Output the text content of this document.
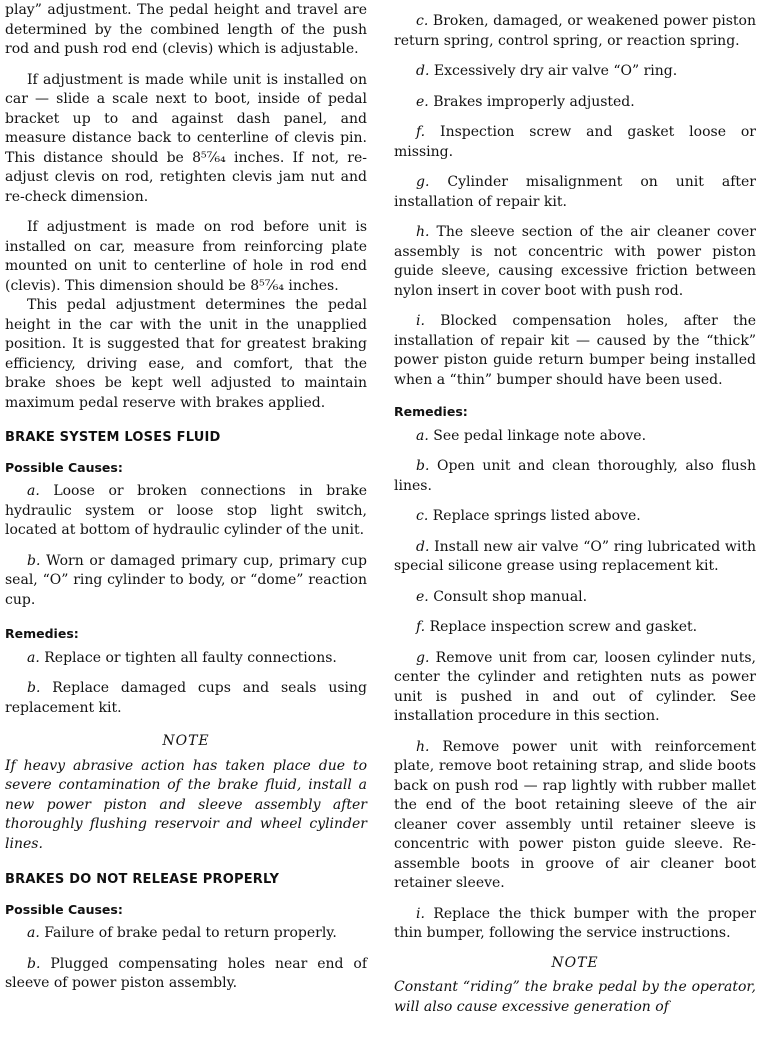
play” adjustment. The pedal height and travel are determined by the combined length of the push rod and push rod end (clevis) which is adjustable.

If adjustment is made while unit is installed on car — slide a scale next to boot, inside of pedal bracket up to and against dash panel, and measure distance back to centerline of clevis pin. This distance should be 8⁵⁷⁄₆₄ inches. If not, re-adjust clevis on rod, retighten clevis jam nut and re-check dimension.

If adjustment is made on rod before unit is installed on car, measure from reinforcing plate mounted on unit to centerline of hole in rod end (clevis). This dimension should be 8⁵⁷⁄₆₄ inches.

This pedal adjustment determines the pedal height in the car with the unit in the unapplied position. It is suggested that for greatest braking efficiency, driving ease, and comfort, that the brake shoes be kept well adjusted to maintain maximum pedal reserve with brakes applied.

BRAKE SYSTEM LOSES FLUID

Possible Causes:

a. Loose or broken connections in brake hydraulic system or loose stop light switch, located at bottom of hydraulic cylinder of the unit.

b. Worn or damaged primary cup, primary cup seal, “O” ring cylinder to body, or “dome” reaction cup.

Remedies:

a. Replace or tighten all faulty connections.

b. Replace damaged cups and seals using replacement kit.

NOTE

If heavy abrasive action has taken place due to severe contamination of the brake fluid, install a new power piston and sleeve assembly after thoroughly flushing reservoir and wheel cylinder lines.

BRAKES DO NOT RELEASE PROPERLY

Possible Causes:

a. Failure of brake pedal to return properly.

b. Plugged compensating holes near end of sleeve of power piston assembly.

c. Broken, damaged, or weakened power piston return spring, control spring, or reaction spring.

d. Excessively dry air valve “O” ring.

e. Brakes improperly adjusted.

f. Inspection screw and gasket loose or missing.

g. Cylinder misalignment on unit after installation of repair kit.

h. The sleeve section of the air cleaner cover assembly is not concentric with power piston guide sleeve, causing excessive friction between nylon insert in cover boot with push rod.

i. Blocked compensation holes, after the installation of repair kit — caused by the “thick” power piston guide return bumper being installed when a “thin” bumper should have been used.

Remedies:

a. See pedal linkage note above.

b. Open unit and clean thoroughly, also flush lines.

c. Replace springs listed above.

d. Install new air valve “O” ring lubricated with special silicone grease using replacement kit.

e. Consult shop manual.

f. Replace inspection screw and gasket.

g. Remove unit from car, loosen cylinder nuts, center the cylinder and retighten nuts as power unit is pushed in and out of cylinder. See installation procedure in this section.

h. Remove power unit with reinforcement plate, remove boot retaining strap, and slide boots back on push rod — rap lightly with rubber mallet the end of the boot retaining sleeve of the air cleaner cover assembly until retainer sleeve is concentric with power piston guide sleeve. Re-assemble boots in groove of air cleaner boot retainer sleeve.

i. Replace the thick bumper with the proper thin bumper, following the service instructions.

NOTE

Constant “riding” the brake pedal by the operator, will also cause excessive generation of
